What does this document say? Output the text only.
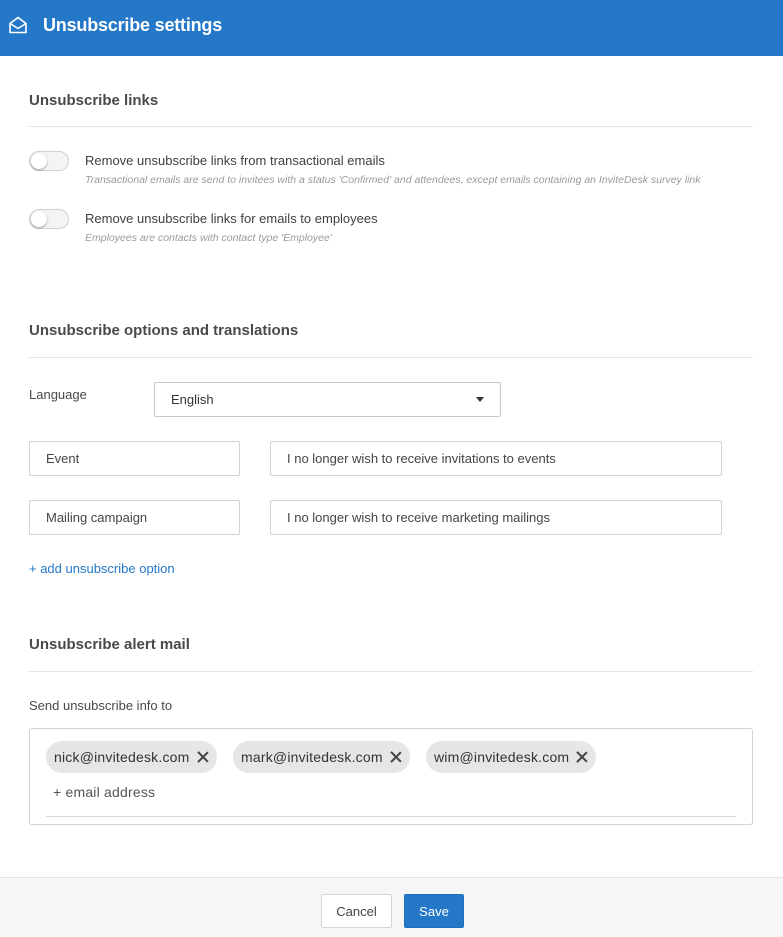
Unsubscribe settings
Unsubscribe links
Remove unsubscribe links from transactional emails
Transactional emails are send to invitees with a status 'Confirmed' and attendees, except emails containing an InviteDesk survey link
Remove unsubscribe links for emails to employees
Employees are contacts with contact type 'Employee'
Unsubscribe options and translations
Language	English
Event	I no longer wish to receive invitations to events
Mailing campaign	I no longer wish to receive marketing mailings
+ add unsubscribe option
Unsubscribe alert mail
Send unsubscribe info to
nick@invitedesk.com	mark@invitedesk.com	wim@invitedesk.com
+ email address
Cancel	Save
